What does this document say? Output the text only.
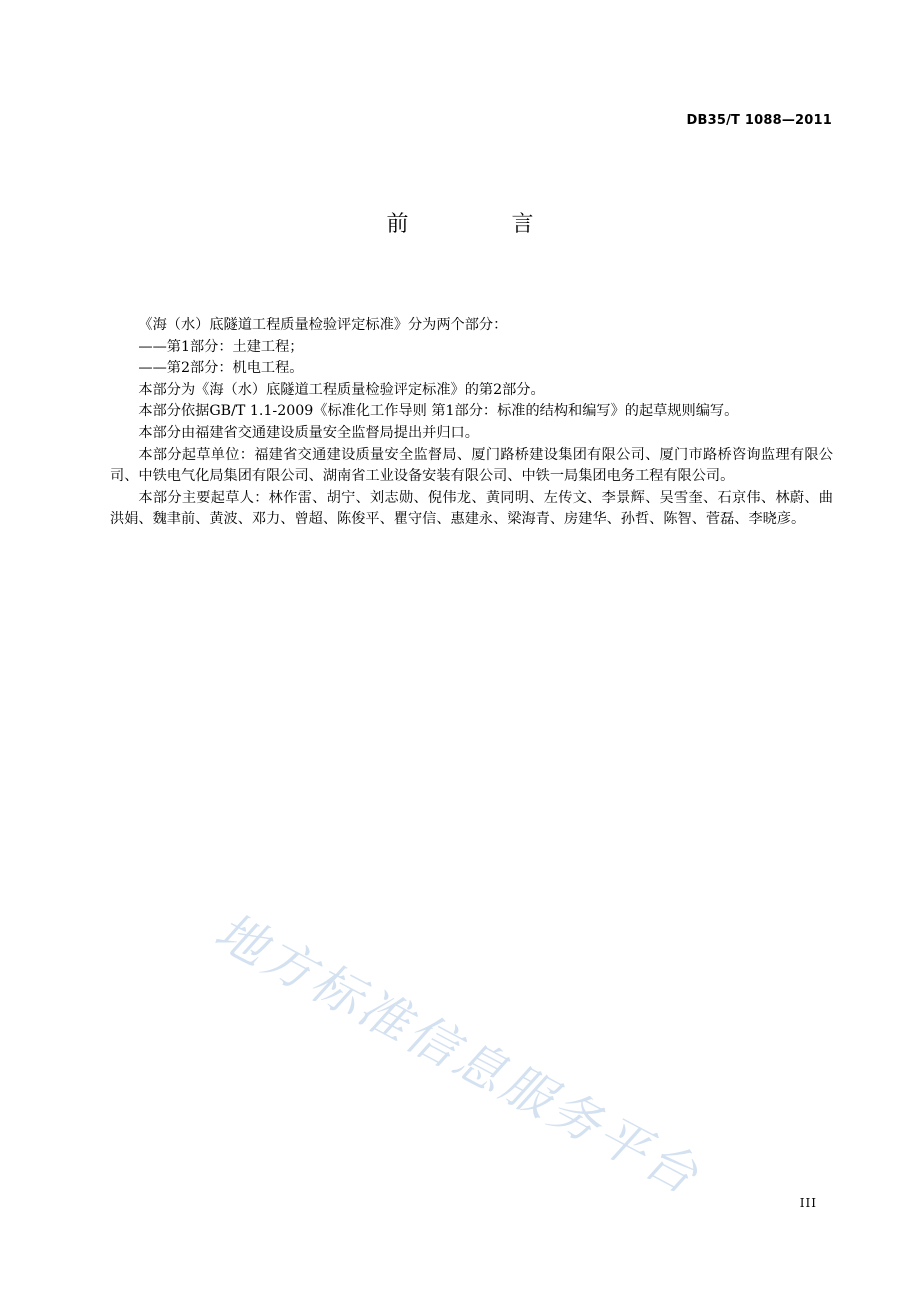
DB35/T 1088—2011
前 言

《海（水）底隧道工程质量检验评定标准》分为两个部分：

——第1部分：土建工程；

——第2部分：机电工程。

本部分为《海（水）底隧道工程质量检验评定标准》的第2部分。

本部分依据GB/T 1.1-2009《标准化工作导则 第1部分：标准的结构和编写》的起草规则编写。

本部分由福建省交通建设质量安全监督局提出并归口。

本部分起草单位：福建省交通建设质量安全监督局、厦门路桥建设集团有限公司、厦门市路桥咨询监理有限公司、中铁电气化局集团有限公司、湖南省工业设备安装有限公司、中铁一局集团电务工程有限公司。

本部分主要起草人：林作雷、胡宁、刘志勋、倪伟龙、黄同明、左传文、李景辉、吴雪奎、石京伟、林蔚、曲洪娟、魏聿前、黄波、邓力、曾超、陈俊平、瞿守信、惠建永、梁海青、房建华、孙哲、陈智、菅磊、李晓彦。

地方标准信息服务平台	III
